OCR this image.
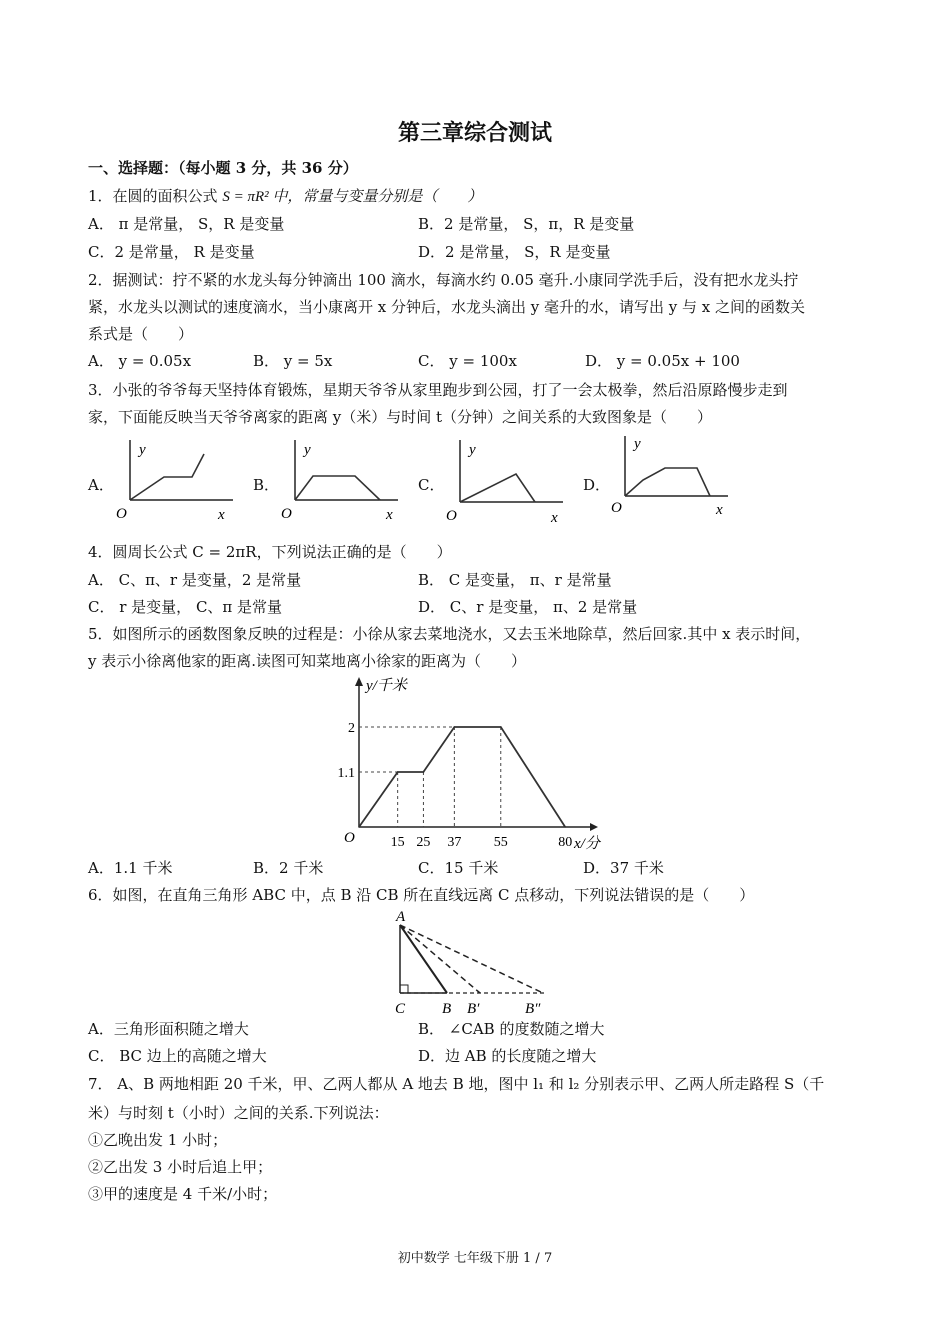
第三章综合测试
一、选择题：（每小题 3 分，共 36 分）
1．在圆的面积公式 S = πR² 中，常量与变量分别是（　　）
A． π 是常量， S，R 是变量	B．2 是常量， S，π，R 是变量
C．2 是常量， R 是变量	D．2 是常量， S，R 是变量
2．据测试：拧不紧的水龙头每分钟滴出 100 滴水，每滴水约 0.05 毫升.小康同学洗手后，没有把水龙头拧
紧，水龙头以测试的速度滴水，当小康离开 x 分钟后，水龙头滴出 y 毫升的水，请写出 y 与 x 之间的函数关
系式是（　　）
A． y = 0.05x	B． y = 5x	C． y = 100x	D． y = 0.05x + 100
3．小张的爷爷每天坚持体育锻炼，星期天爷爷从家里跑步到公园，打了一会太极拳，然后沿原路慢步走到
家，下面能反映当天爷爷离家的距离 y（米）与时间 t（分钟）之间关系的大致图象是（　　）
A．	B．	C．	D．
y
x
O
y
x
O
y
x
O
y
x
O
4．圆周长公式 C = 2πR，下列说法正确的是（　　）
A． C、π、r 是变量，2 是常量	B． C 是变量， π、r 是常量
C． r 是变量， C、π 是常量	D． C、r 是变量， π、2 是常量
5．如图所示的函数图象反映的过程是：小徐从家去菜地浇水，又去玉米地除草，然后回家.其中 x 表示时间，
y 表示小徐离他家的距离.读图可知菜地离小徐家的距离为（　　）
15 25 37 55	80
1.1
2
y/千米
x/分
O
A．1.1 千米	B．2 千米	C．15 千米	D．37 千米
6．如图，在直角三角形 ABC 中，点 B 沿 CB 所在直线远离 C 点移动，下列说法错误的是（　　）
A
C B B′	B″
A．三角形面积随之增大	B． ∠CAB 的度数随之增大
C． BC 边上的高随之增大	D．边 AB 的长度随之增大
7． A、B 两地相距 20 千米，甲、乙两人都从 A 地去 B 地，图中 l₁ 和 l₂ 分别表示甲、乙两人所走路程 S（千
米）与时刻 t（小时）之间的关系.下列说法：
①乙晚出发 1 小时；
②乙出发 3 小时后追上甲；
③甲的速度是 4 千米/小时；
初中数学 七年级下册 1 / 7
